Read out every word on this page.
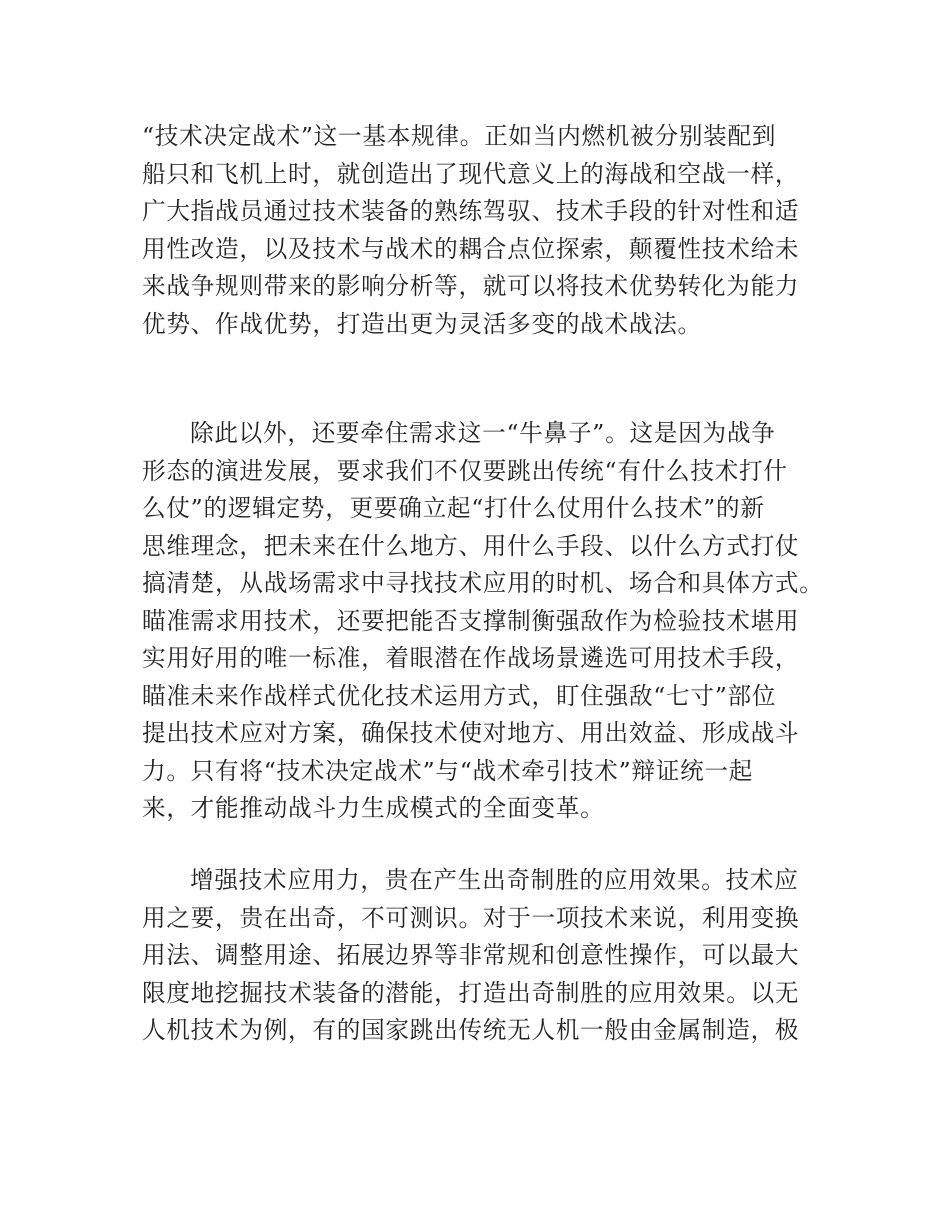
“技术决定战术”这一基本规律。正如当内燃机被分别装配到
船只和飞机上时，就创造出了现代意义上的海战和空战一样，
广大指战员通过技术装备的熟练驾驭、技术手段的针对性和适
用性改造，以及技术与战术的耦合点位探索，颠覆性技术给未
来战争规则带来的影响分析等，就可以将技术优势转化为能力
优势、作战优势，打造出更为灵活多变的战术战法。
除此以外，还要牵住需求这一“牛鼻子”。这是因为战争
形态的演进发展，要求我们不仅要跳出传统“有什么技术打什
么仗”的逻辑定势，更要确立起“打什么仗用什么技术”的新
思维理念，把未来在什么地方、用什么手段、以什么方式打仗
搞清楚，从战场需求中寻找技术应用的时机、场合和具体方式。
瞄准需求用技术，还要把能否支撑制衡强敌作为检验技术堪用
实用好用的唯一标准，着眼潜在作战场景遴选可用技术手段，
瞄准未来作战样式优化技术运用方式，盯住强敌“七寸”部位
提出技术应对方案，确保技术使对地方、用出效益、形成战斗
力。只有将“技术决定战术”与“战术牵引技术”辩证统一起
来，才能推动战斗力生成模式的全面变革。
增强技术应用力，贵在产生出奇制胜的应用效果。技术应
用之要，贵在出奇，不可测识。对于一项技术来说，利用变换
用法、调整用途、拓展边界等非常规和创意性操作，可以最大
限度地挖掘技术装备的潜能，打造出奇制胜的应用效果。以无
人机技术为例，有的国家跳出传统无人机一般由金属制造，极
